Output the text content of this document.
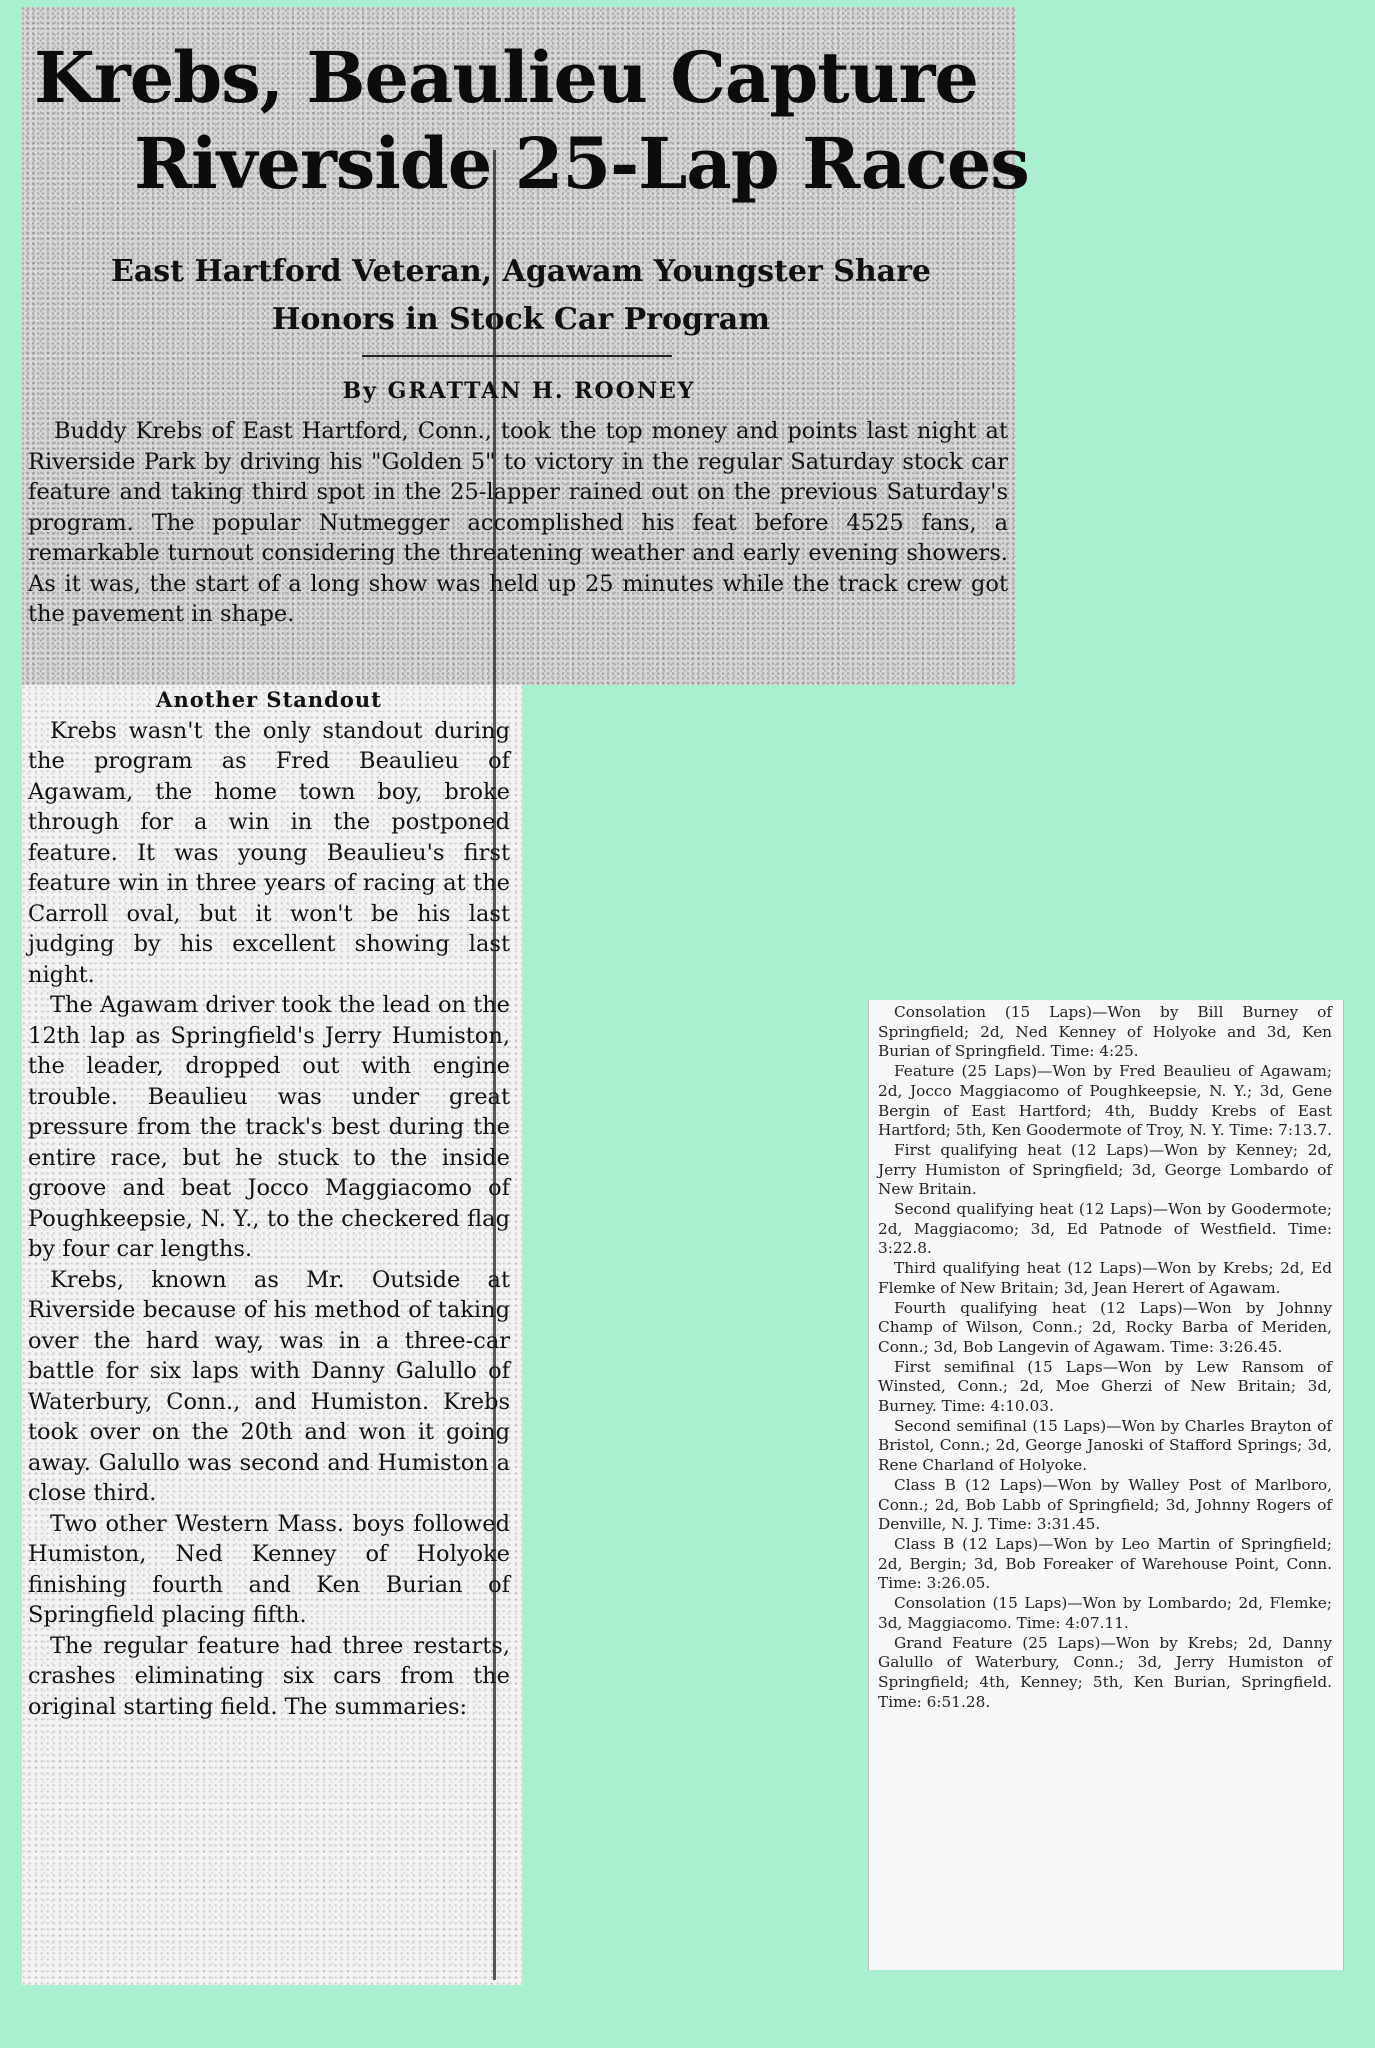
Krebs, Beaulieu Capture
Riverside 25-Lap Races
East Hartford Veteran, Agawam Youngster Share
Honors in Stock Car Program
By GRATTAN H. ROONEY

Buddy Krebs of East Hartford, Conn., took the top money and points last night at Riverside Park by driving his "Golden 5" to victory in the regular Saturday stock car feature and taking third spot in the 25-lapper rained out on the previous Saturday's program. The popular Nutmegger accomplished his feat before 4525 fans, a remarkable turnout considering the threatening weather and early evening showers. As it was, the start of a long show was held up 25 minutes while the track crew got the pavement in shape.

Another Standout

Krebs wasn't the only standout during the program as Fred Beaulieu of Agawam, the home town boy, broke through for a win in the postponed feature. It was young Beaulieu's first feature win in three years of racing at the Carroll oval, but it won't be his last judging by his excellent showing last night.

The Agawam driver took the lead on the 12th lap as Springfield's Jerry Humiston, the leader, dropped out with engine trouble. Beaulieu was under great pressure from the track's best during the entire race, but he stuck to the inside groove and beat Jocco Maggiacomo of Poughkeepsie, N. Y., to the checkered flag by four car lengths.

Krebs, known as Mr. Outside at Riverside because of his method of taking over the hard way, was in a three-car battle for six laps with Danny Galullo of Waterbury, Conn., and Humiston. Krebs took over on the 20th and won it going away. Galullo was second and Humiston a close third.

Two other Western Mass. boys followed Humiston, Ned Kenney of Holyoke finishing fourth and Ken Burian of Springfield placing fifth.

The regular feature had three restarts, crashes eliminating six cars from the original starting field. The summaries:

Consolation (15 Laps)—Won by Bill Burney of Springfield; 2d, Ned Kenney of Holyoke and 3d, Ken Burian of Springfield. Time: 4:25.

Feature (25 Laps)—Won by Fred Beaulieu of Agawam; 2d, Jocco Maggiacomo of Poughkeepsie, N. Y.; 3d, Gene Bergin of East Hartford; 4th, Buddy Krebs of East Hartford; 5th, Ken Goodermote of Troy, N. Y. Time: 7:13.7.

First qualifying heat (12 Laps)—Won by Kenney; 2d, Jerry Humiston of Springfield; 3d, George Lombardo of New Britain.

Second qualifying heat (12 Laps)—Won by Goodermote; 2d, Maggiacomo; 3d, Ed Patnode of Westfield. Time: 3:22.8.

Third qualifying heat (12 Laps)—Won by Krebs; 2d, Ed Flemke of New Britain; 3d, Jean Herert of Agawam.

Fourth qualifying heat (12 Laps)—Won by Johnny Champ of Wilson, Conn.; 2d, Rocky Barba of Meriden, Conn.; 3d, Bob Langevin of Agawam. Time: 3:26.45.

First semifinal (15 Laps—Won by Lew Ransom of Winsted, Conn.; 2d, Moe Gherzi of New Britain; 3d, Burney. Time: 4:10.03.

Second semifinal (15 Laps)—Won by Charles Brayton of Bristol, Conn.; 2d, George Janoski of Stafford Springs; 3d, Rene Charland of Holyoke.

Class B (12 Laps)—Won by Walley Post of Marlboro, Conn.; 2d, Bob Labb of Springfield; 3d, Johnny Rogers of Denville, N. J. Time: 3:31.45.

Class B (12 Laps)—Won by Leo Martin of Springfield; 2d, Bergin; 3d, Bob Foreaker of Warehouse Point, Conn. Time: 3:26.05.

Consolation (15 Laps)—Won by Lombardo; 2d, Flemke; 3d, Maggiacomo. Time: 4:07.11.

Grand Feature (25 Laps)—Won by Krebs; 2d, Danny Galullo of Waterbury, Conn.; 3d, Jerry Humiston of Springfield; 4th, Kenney; 5th, Ken Burian, Springfield. Time: 6:51.28.
